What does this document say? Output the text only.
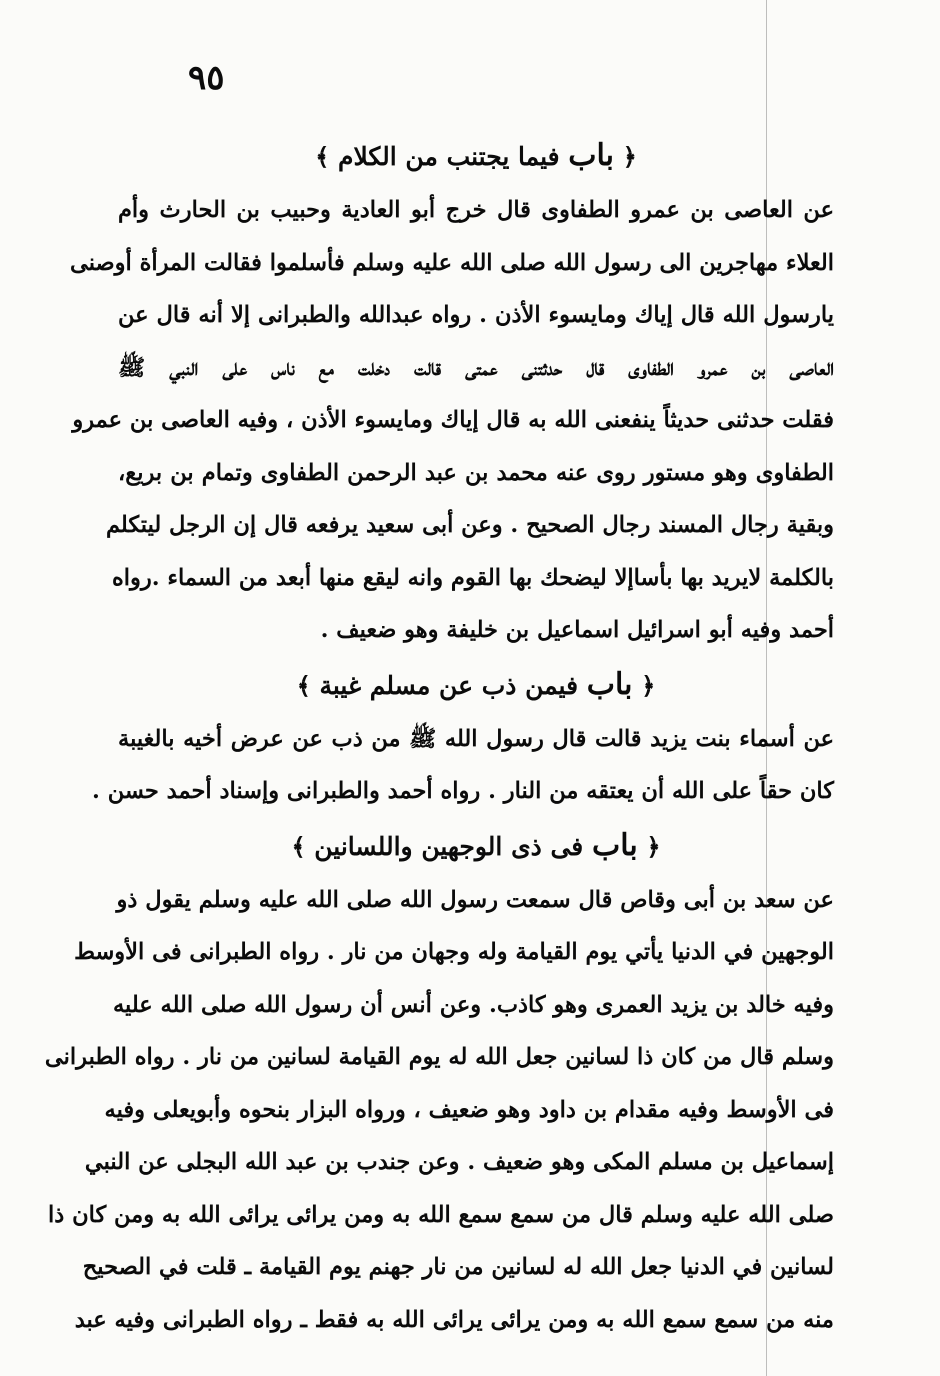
٩٥
﴿ باب فيما يجتنب من الكلام ﴾
عن العاصى بن عمرو الطفاوى قال خرج أبو العادية وحبيب بن الحارث وأم
العلاء مهاجرين الى رسول الله صلى الله عليه وسلم فأسلموا فقالت المرأة أوصنى
يارسول الله قال إياك ومايسوء الأذن . رواه عبدالله والطبرانى إلا أنه قال عن
العاصى بن عمرو الطفاوى قال حدثتنى عمتى قالت دخلت مع ناس على النبي ﷺ
فقلت حدثنى حديثاً ينفعنى الله به قال إياك ومايسوء الأذن ، وفيه العاصى بن عمرو
الطفاوى وهو مستور روى عنه محمد بن عبد الرحمن الطفاوى وتمام بن بريع،
وبقية رجال المسند رجال الصحيح . وعن أبى سعيد يرفعه قال إن الرجل ليتكلم
بالكلمة لايريد بها بأساإلا ليضحك بها القوم وانه ليقع منها أبعد من السماء .رواه
أحمد وفيه أبو اسرائيل اسماعيل بن خليفة وهو ضعيف .
﴿ باب فيمن ذب عن مسلم غيبة ﴾
عن أسماء بنت يزيد قالت قال رسول الله ﷺ من ذب عن عرض أخيه بالغيبة
كان حقاً على الله أن يعتقه من النار . رواه أحمد والطبرانى وإسناد أحمد حسن .
﴿ باب فى ذى الوجهين واللسانين ﴾
عن سعد بن أبى وقاص قال سمعت رسول الله صلى الله عليه وسلم يقول ذو
الوجهين في الدنيا يأتي يوم القيامة وله وجهان من نار . رواه الطبرانى فى الأوسط
وفيه خالد بن يزيد العمرى وهو كاذب. وعن أنس أن رسول الله صلى الله عليه
وسلم قال من كان ذا لسانين جعل الله له يوم القيامة لسانين من نار . رواه الطبرانى
فى الأوسط وفيه مقدام بن داود وهو ضعيف ، ورواه البزار بنحوه وأبويعلى وفيه
إسماعيل بن مسلم المكى وهو ضعيف . وعن جندب بن عبد الله البجلى عن النبي
صلى الله عليه وسلم قال من سمع سمع الله به ومن يرائى يرائى الله به ومن كان ذا
لسانين في الدنيا جعل الله له لسانين من نار جهنم يوم القيامة ـ قلت في الصحيح
منه من سمع سمع الله به ومن يرائى يرائى الله به فقط ـ رواه الطبرانى وفيه عبد
